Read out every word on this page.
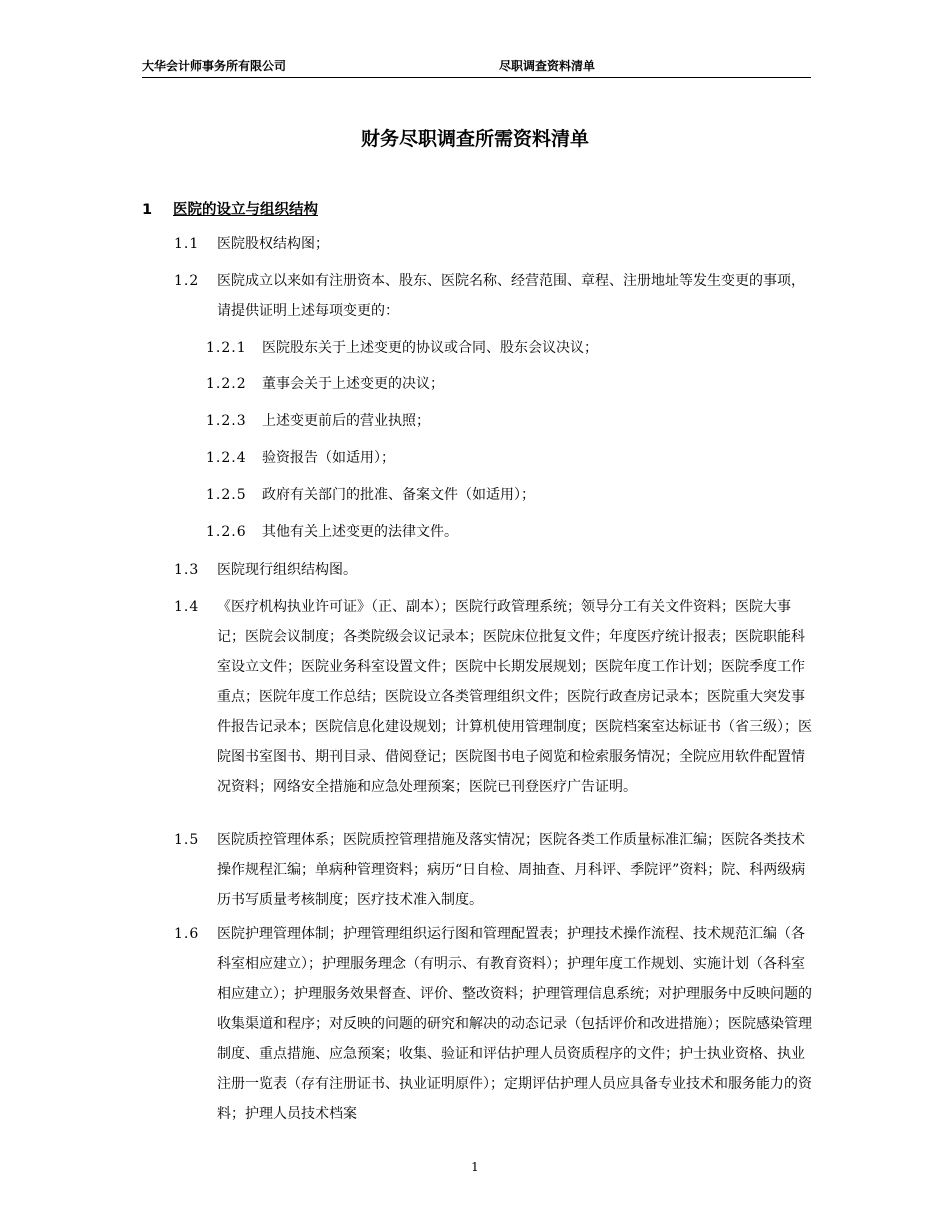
大华会计师事务所有限公司	尽职调查资料清单
财务尽职调查所需资料清单
1 医院的设立与组织结构
1.1 医院股权结构图；
1.2 医院成立以来如有注册资本、股东、医院名称、经营范围、章程、注册地址等发生变更的事项，请提供证明上述每项变更的：
1.2.1 医院股东关于上述变更的协议或合同、股东会议决议；
1.2.2 董事会关于上述变更的决议；
1.2.3 上述变更前后的营业执照；
1.2.4 验资报告（如适用）；
1.2.5 政府有关部门的批准、备案文件（如适用）；
1.2.6 其他有关上述变更的法律文件。
1.3 医院现行组织结构图。
1.4 《医疗机构执业许可证》（正、副本）；医院行政管理系统；领导分工有关文件资料；医院大事记；医院会议制度；各类院级会议记录本；医院床位批复文件；年度医疗统计报表；医院职能科室设立文件；医院业务科室设置文件；医院中长期发展规划；医院年度工作计划；医院季度工作重点；医院年度工作总结；医院设立各类管理组织文件；医院行政查房记录本；医院重大突发事件报告记录本；医院信息化建设规划；计算机使用管理制度；医院档案室达标证书（省三级）；医院图书室图书、期刊目录、借阅登记；医院图书电子阅览和检索服务情况；全院应用软件配置情况资料；网络安全措施和应急处理预案；医院已刊登医疗广告证明。
1.5 医院质控管理体系；医院质控管理措施及落实情况；医院各类工作质量标准汇编；医院各类技术操作规程汇编；单病种管理资料；病历“日自检、周抽查、月科评、季院评”资料；院、科两级病历书写质量考核制度；医疗技术准入制度。
1.6 医院护理管理体制；护理管理组织运行图和管理配置表；护理技术操作流程、技术规范汇编（各科室相应建立）；护理服务理念（有明示、有教育资料）；护理年度工作规划、实施计划（各科室相应建立）；护理服务效果督查、评价、整改资料；护理管理信息系统；对护理服务中反映问题的收集渠道和程序；对反映的问题的研究和解决的动态记录（包括评价和改进措施）；医院感染管理制度、重点措施、应急预案；收集、验证和评估护理人员资质程序的文件；护士执业资格、执业注册一览表（存有注册证书、执业证明原件）；定期评估护理人员应具备专业技术和服务能力的资料；护理人员技术档案
1
